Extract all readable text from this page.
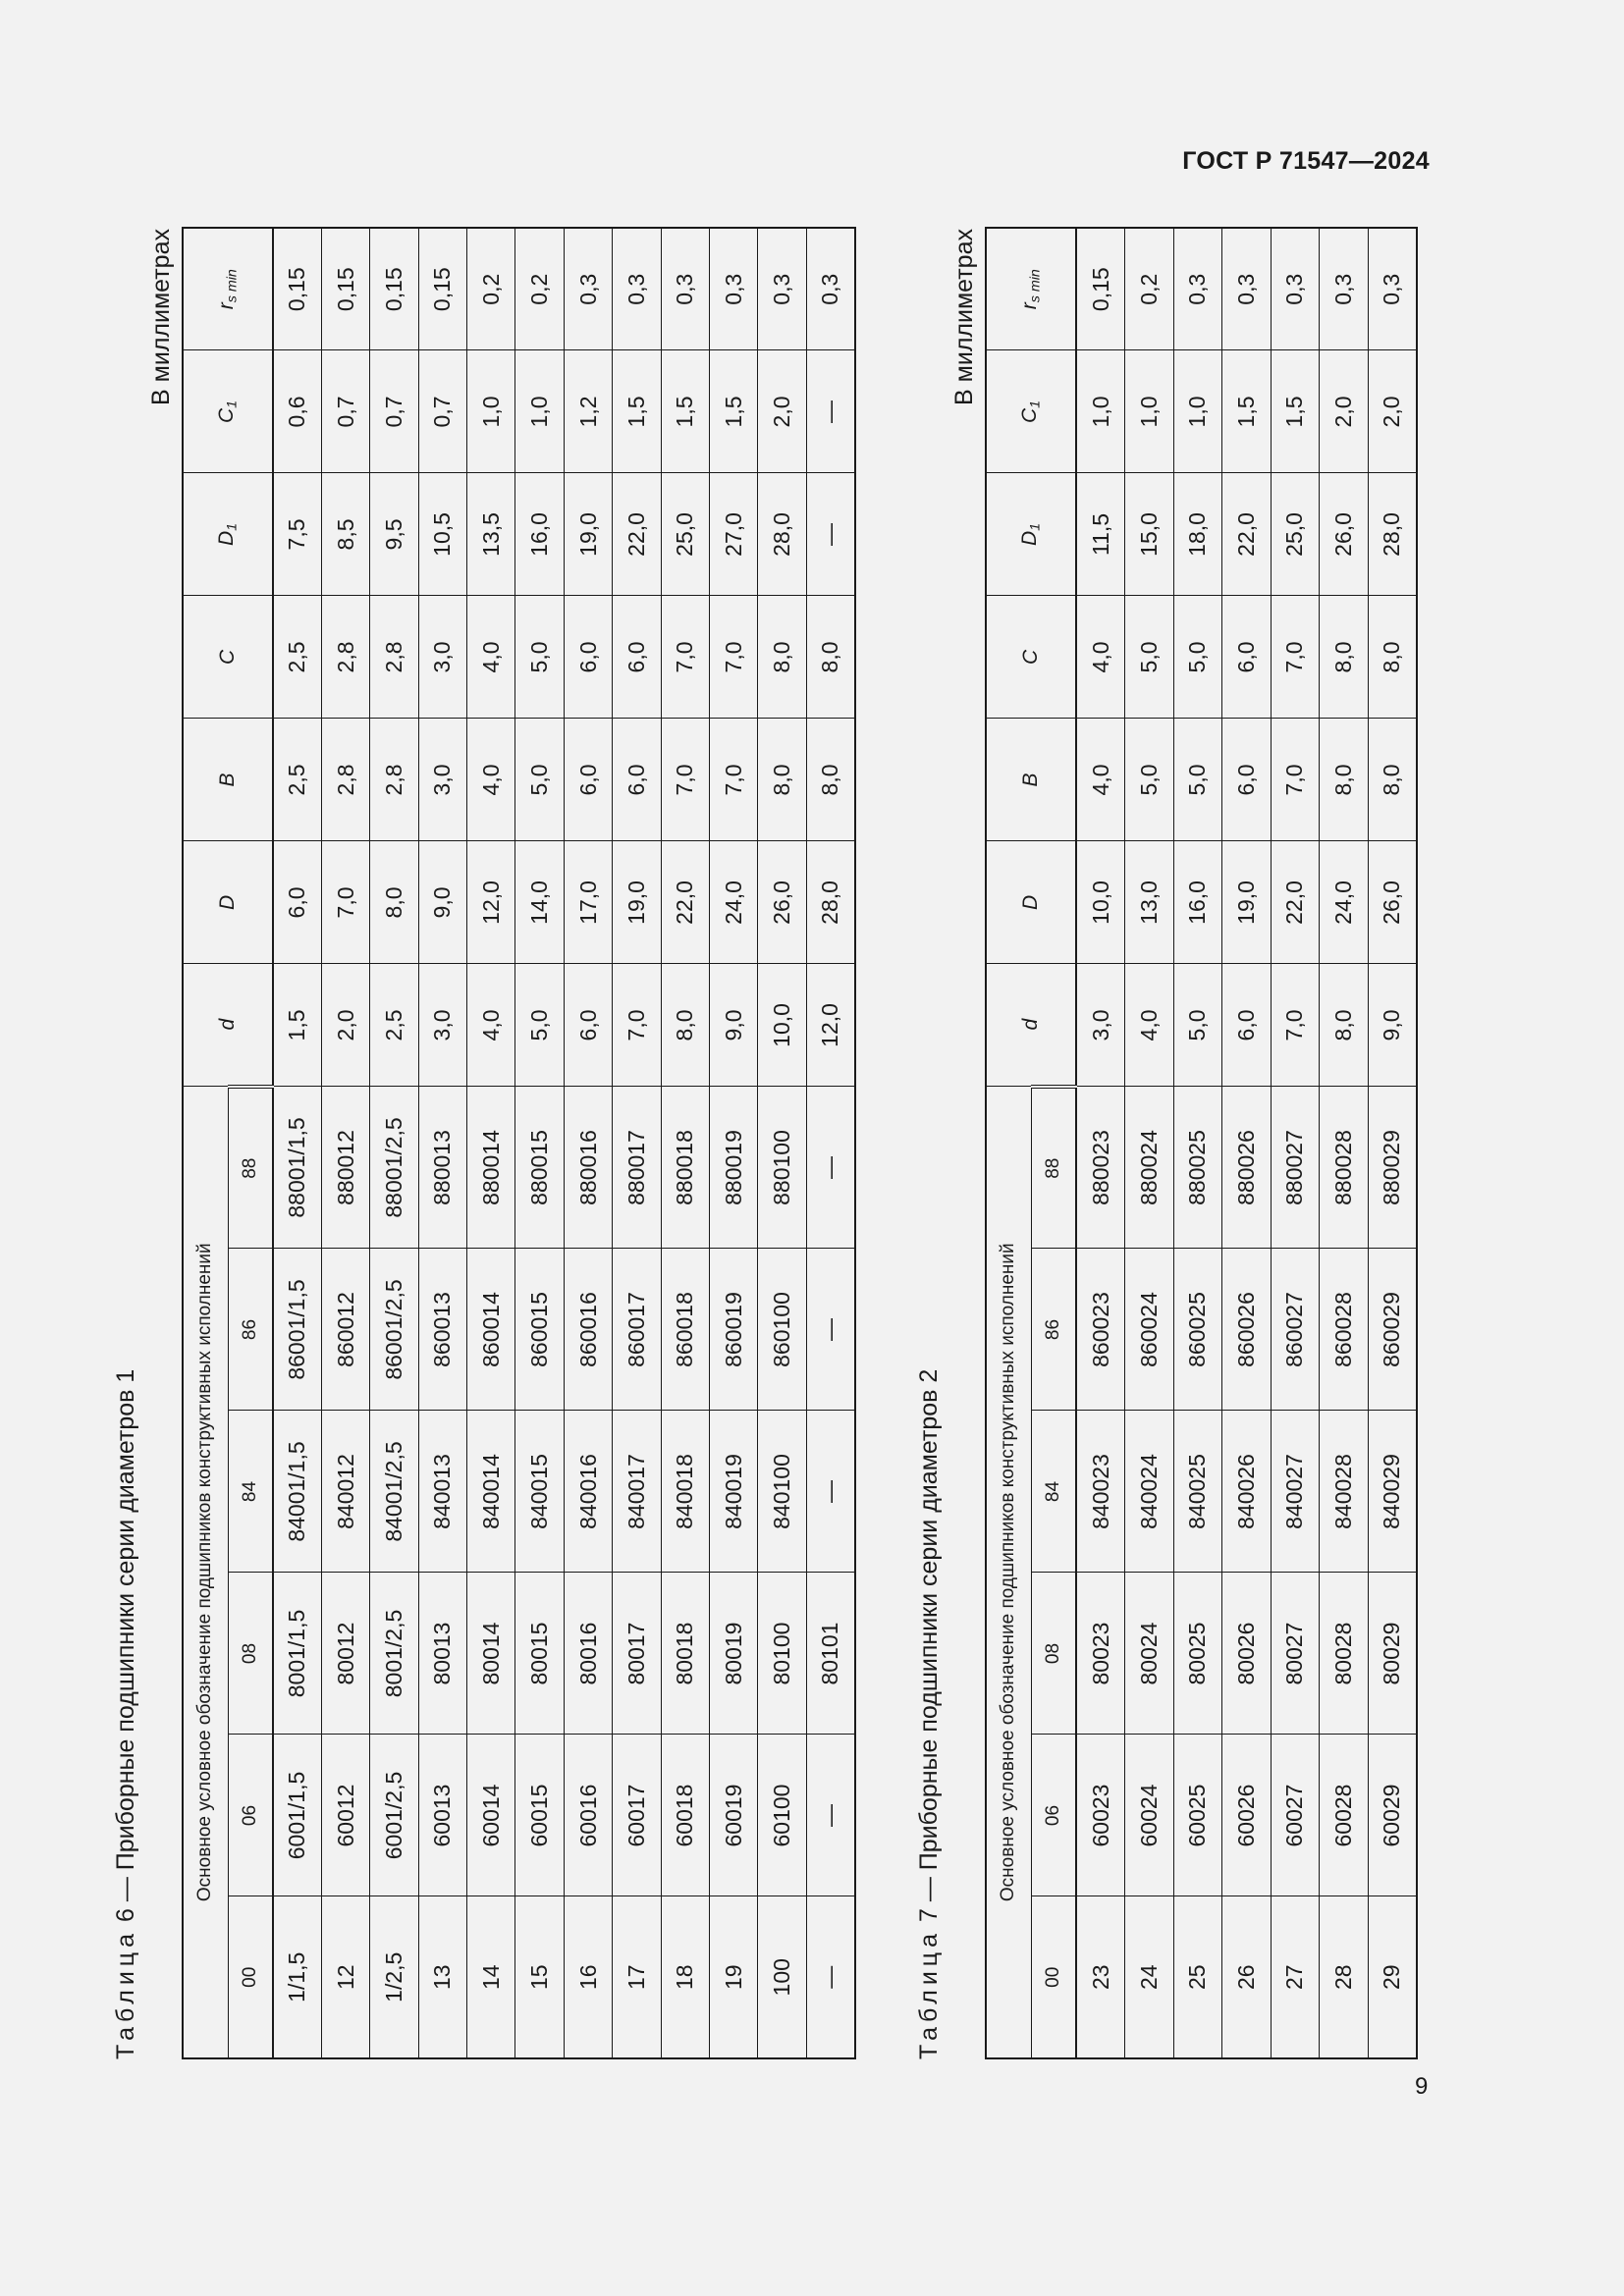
ГОСТ Р 71547—2024
Таблица 6 — Приборные подшипники серии диаметров 1
В миллиметрах
Основное условное обозначение подшипников конструктивных исполнений						d	D	B	C	$D_1$	$C_1$	$r_{s min}$
00	06	08	84	86	88							
1/1,5	6001/1,5	8001/1,5	84001/1,5	86001/1,5	88001/1,5	1,5	6,0	2,5	2,5	7,5	0,6	0,15
12	60012	80012	840012	860012	880012	2,0	7,0	2,8	2,8	8,5	0,7	0,15
1/2,5	6001/2,5	8001/2,5	84001/2,5	86001/2,5	88001/2,5	2,5	8,0	2,8	2,8	9,5	0,7	0,15
13	60013	80013	840013	860013	880013	3,0	9,0	3,0	3,0	10,5	0,7	0,15
14	60014	80014	840014	860014	880014	4,0	12,0	4,0	4,0	13,5	1,0	0,2
15	60015	80015	840015	860015	880015	5,0	14,0	5,0	5,0	16,0	1,0	0,2
16	60016	80016	840016	860016	880016	6,0	17,0	6,0	6,0	19,0	1,2	0,3
17	60017	80017	840017	860017	880017	7,0	19,0	6,0	6,0	22,0	1,5	0,3
18	60018	80018	840018	860018	880018	8,0	22,0	7,0	7,0	25,0	1,5	0,3
19	60019	80019	840019	860019	880019	9,0	24,0	7,0	7,0	27,0	1,5	0,3
100	60100	80100	840100	860100	880100	10,0	26,0	8,0	8,0	28,0	2,0	0,3
—	—	80101	—	—	—	12,0	28,0	8,0	8,0	—	—	0,3
Таблица 7 — Приборные подшипники серии диаметров 2
В миллиметрах
Основное условное обозначение подшипников конструктивных исполнений						d	D	B	C	$D_1$	$C_1$	$r_{s min}$
00	06	08	84	86	88							
23	60023	80023	840023	860023	880023	3,0	10,0	4,0	4,0	11,5	1,0	0,15
24	60024	80024	840024	860024	880024	4,0	13,0	5,0	5,0	15,0	1,0	0,2
25	60025	80025	840025	860025	880025	5,0	16,0	5,0	5,0	18,0	1,0	0,3
26	60026	80026	840026	860026	880026	6,0	19,0	6,0	6,0	22,0	1,5	0,3
27	60027	80027	840027	860027	880027	7,0	22,0	7,0	7,0	25,0	1,5	0,3
28	60028	80028	840028	860028	880028	8,0	24,0	8,0	8,0	26,0	2,0	0,3
29	60029	80029	840029	860029	880029	9,0	26,0	8,0	8,0	28,0	2,0	0,3
9
